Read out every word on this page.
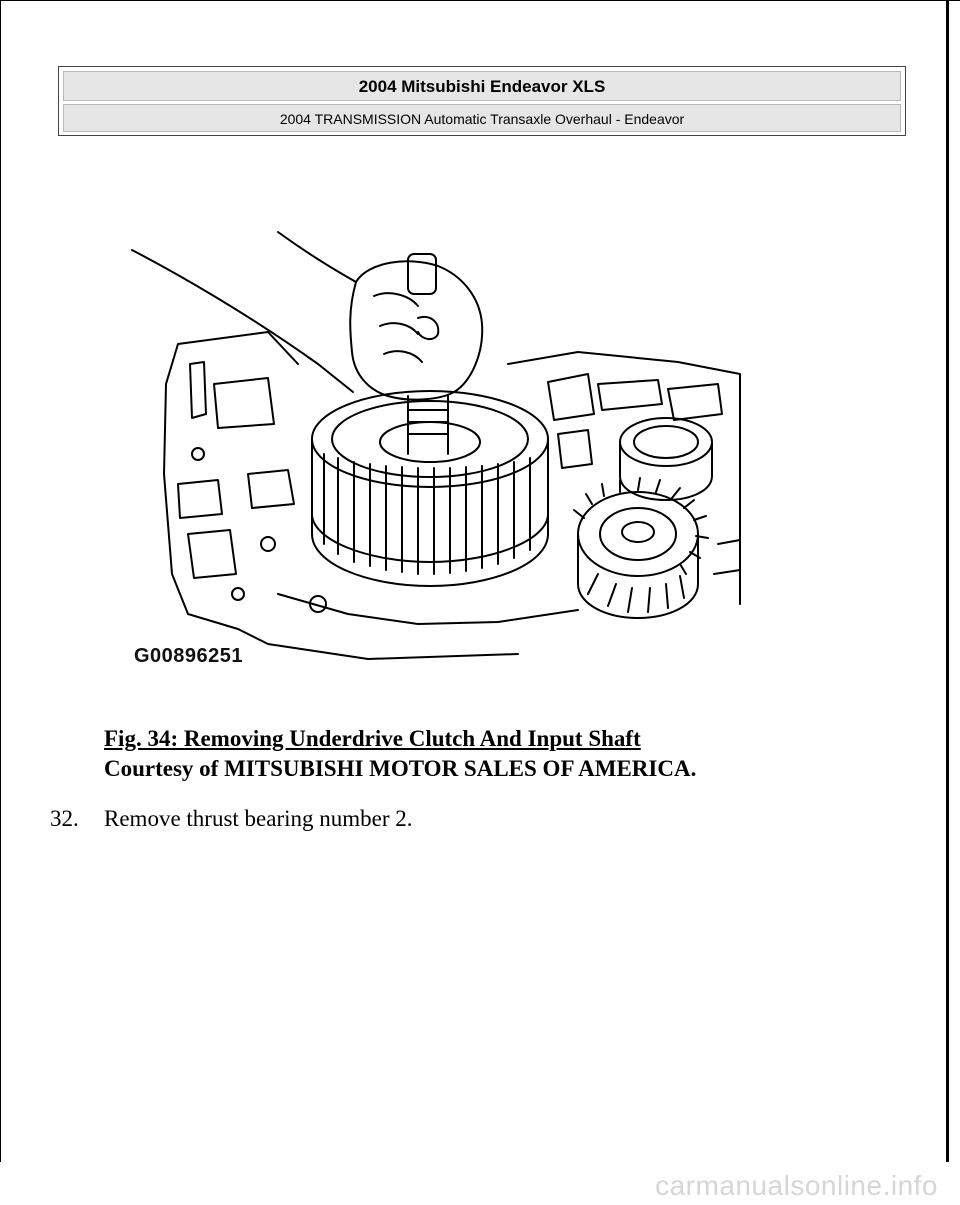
2004 Mitsubishi Endeavor XLS
2004 TRANSMISSION Automatic Transaxle Overhaul - Endeavor
G00896251
Fig. 34: Removing Underdrive Clutch And Input Shaft
Courtesy of MITSUBISHI MOTOR SALES OF AMERICA.
32. Remove thrust bearing number 2.
carmanualsonline.info
